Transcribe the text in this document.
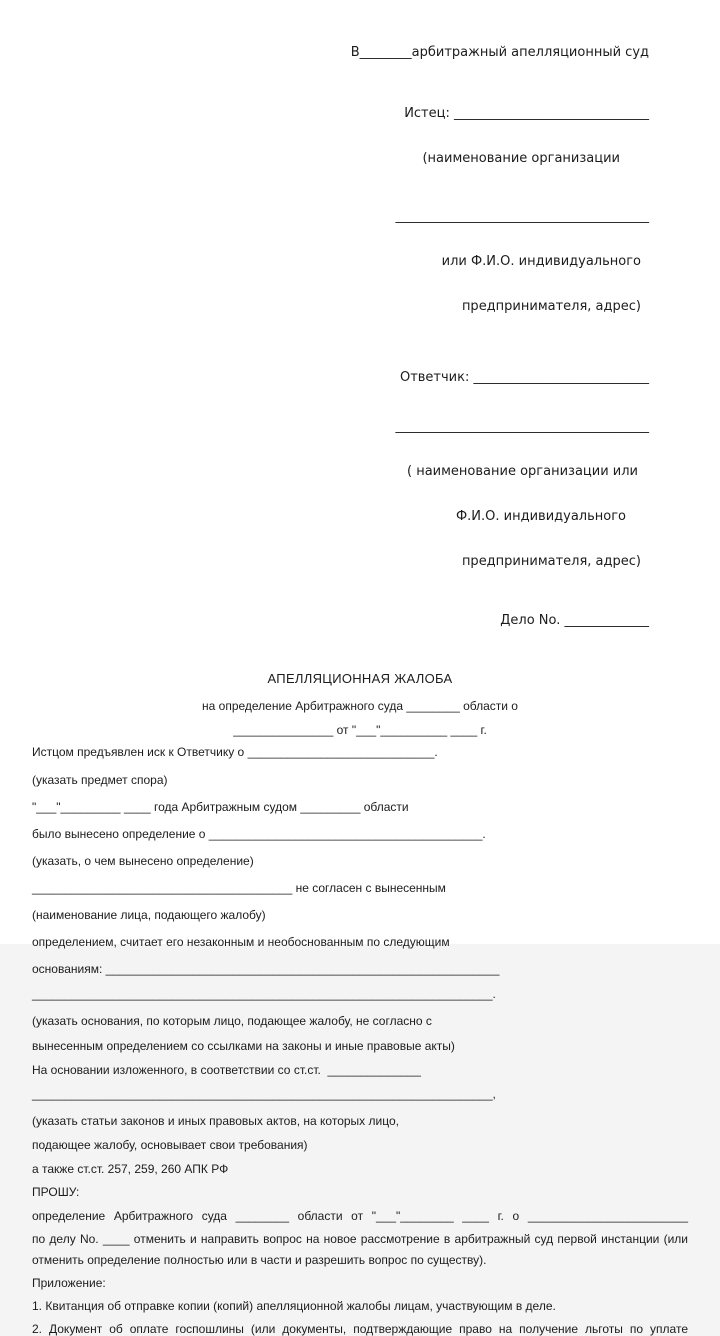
В________арбитражный апелляционный суд

Истец: ______________________________

(наименование организации

_______________________________________

или Ф.И.О. индивидуального

предпринимателя, адрес)

Ответчик: ___________________________

_______________________________________

( наименование организации или

Ф.И.О. индивидуального

предпринимателя, адрес)

Дело No. _____________

АПЕЛЛЯЦИОННАЯ ЖАЛОБА
на определение Арбитражного суда ________ области о
_______________ от "___"__________ ____ г.
Истцом предъявлен иск к Ответчику о ____________________________.
(указать предмет спора)
"___"_________ ____ года Арбитражным судом _________ области
было вынесено определение о _________________________________________.
(указать, о чем вынесено определение)
_______________________________________ не согласен с вынесенным
(наименование лица, подающего жалобу)
определением, считает его незаконным и необоснованным по следующим
основаниям: ___________________________________________________________
_____________________________________________________________________.
(указать основания, по которым лицо, подающее жалобу, не согласно с
вынесенным определением со ссылками на законы и иные правовые акты)
На основании изложенного, в соответствии со ст.ст.  ______________
_____________________________________________________________________,
(указать статьи законов и иных правовых актов, на которых лицо,
подающее жалобу, основывает свои требования)
а также ст.ст. 257, 259, 260 АПК РФ
ПРОШУ:
определение Арбитражного суда ________ области от "___"________ ____ г. о ________________________
по делу No. ____ отменить и направить вопрос на новое рассмотрение в арбитражный суд первой инстанции (или
отменить определение полностью или в части и разрешить вопрос по существу).
Приложение:
1. Квитанция об отправке копии (копий) апелляционной жалобы лицам, участвующим в деле.
2. Документ об оплате госпошлины (или документы, подтверждающие право на получение льготы по уплате
